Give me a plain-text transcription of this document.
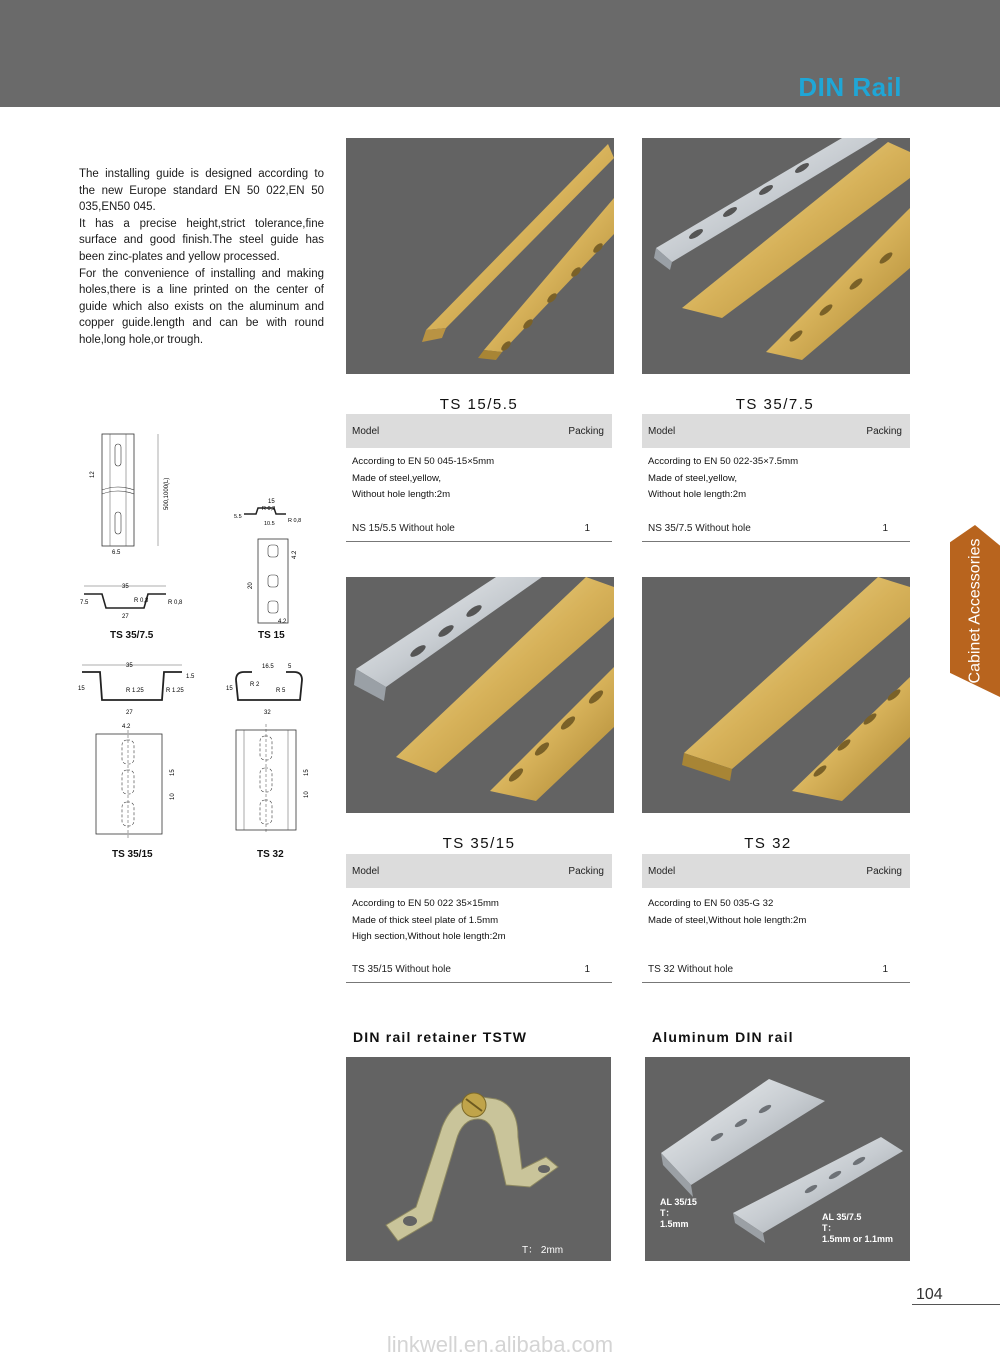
DIN Rail

The installing guide is designed according to the new Europe standard EN 50 022,EN 50 035,EN50 045.

It has a precise height,strict tolerance,fine surface and good finish.The steel guide has been zinc-plates and yellow processed.

For the convenience of installing and making holes,there is a line printed on the center of guide which also exists on the aluminum and copper guide.length and can be with round hole,long hole,or trough.

Cabinet Accessories
500,1000(L)
12
6.5
35
R 0,8	R 0,8
7.5
27
TS 35/7.5
15
R 0,2
R 0,8
5.5
10.5
20
4.2
4.2
TS 15
35
R 1.25	R 1.25
27
15
1.5
16.5 5
R 2
R 5
15
32
4.2
15
10
TS 35/15
15
10
TS 32
TS 15/5.5
Model	Packing
According to EN 50 045-15×5mm
Made of steel,yellow,
Without hole length:2m
NS 15/5.5 Without hole	1
TS 35/7.5
Model	Packing
According to EN 50 022-35×7.5mm
Made of steel,yellow,
Without hole length:2m
NS 35/7.5 Without hole	1
TS 35/15
Model	Packing
According to EN 50 022 35×15mm
Made of thick steel plate of 1.5mm
High section,Without hole length:2m
TS 35/15 Without hole	1
TS 32
Model	Packing
According to EN 50 035-G 32
Made of steel,Without hole length:2m
TS 32 Without hole	1
DIN rail retainer TSTW
T： 2mm
Aluminum DIN rail
AL 35/15
T：
1.5mm
AL 35/7.5
T：
1.5mm or 1.1mm
104
linkwell.en.alibaba.com
